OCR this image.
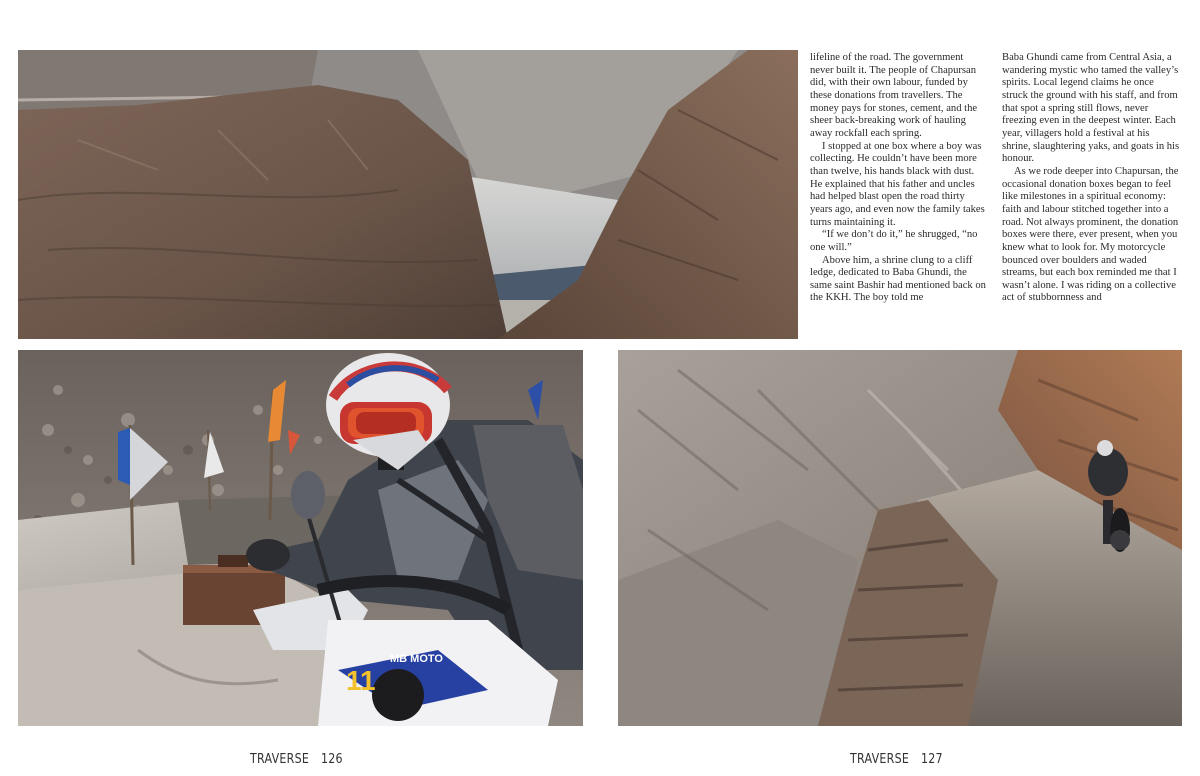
lifeline of the road. The government never built it. The people of Chapursan did, with their own labour, funded by these donations from travellers. The money pays for stones, cement, and the sheer back-breaking work of hauling away rockfall each spring.

I stopped at one box where a boy was collecting. He couldn’t have been more than twelve, his hands black with dust. He explained that his father and uncles had helped blast open the road thirty years ago, and even now the family takes turns maintaining it.

“If we don’t do it,” he shrugged, “no one will.”

Above him, a shrine clung to a cliff ledge, dedicated to Baba Ghundi, the same saint Bashir had mentioned back on the KKH. The boy told me

Baba Ghundi came from Central Asia, a wandering mystic who tamed the valley’s spirits. Local legend claims he once struck the ground with his staff, and from that spot a spring still flows, never freezing even in the deepest winter. Each year, villagers hold a festival at his shrine, slaughtering yaks, and goats in his honour.

As we rode deeper into Chapursan, the occasional donation boxes began to feel like milestones in a spiritual economy: faith and labour stitched together into a road. Not always prominent, the donation boxes were there, ever present, when you knew what to look for. My motorcycle bounced over boulders and waded streams, but each box reminded me that I wasn’t alone. I was riding on a collective act of stubbornness and

11
MB MOTO
TRAVERSE 126	TRAVERSE 127
